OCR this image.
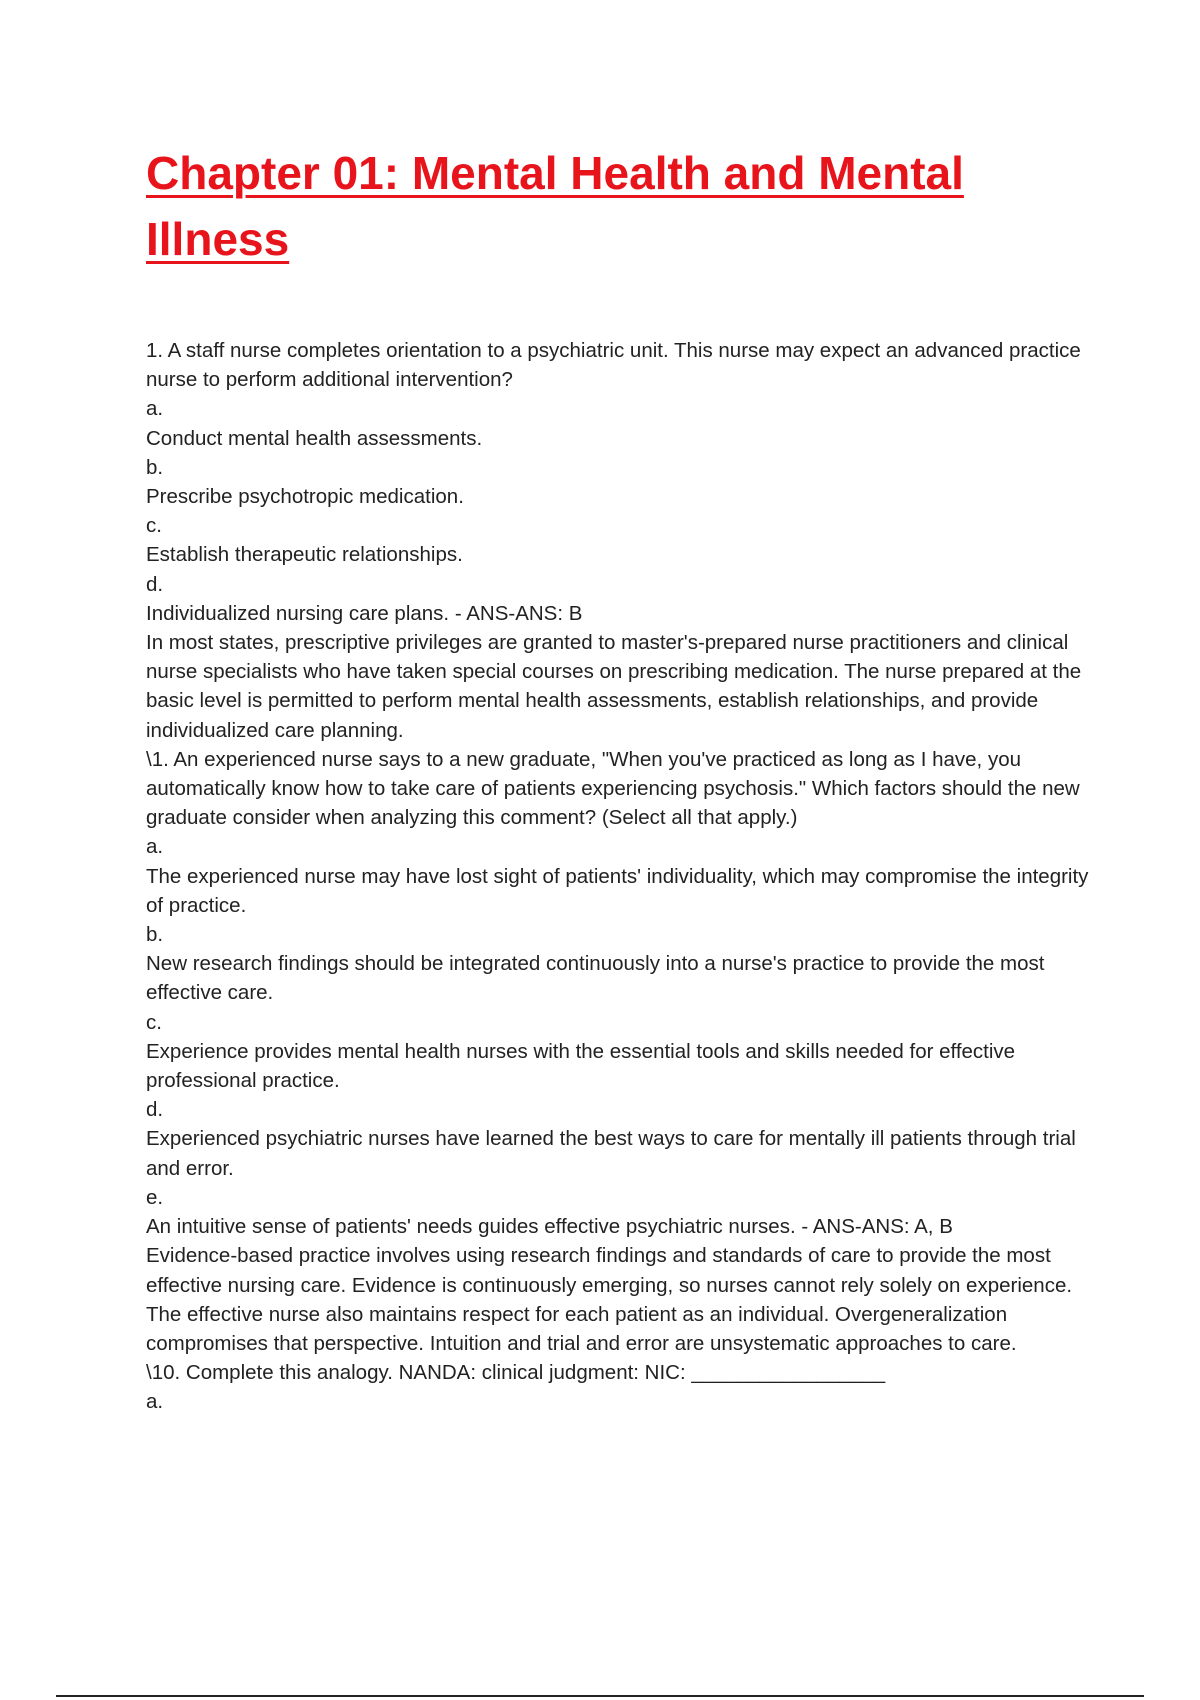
Chapter 01: Mental Health and Mental Illness

1. A staff nurse completes orientation to a psychiatric unit. This nurse may expect an advanced practice nurse to perform additional intervention?

a.

Conduct mental health assessments.

b.

Prescribe psychotropic medication.

c.

Establish therapeutic relationships.

d.

Individualized nursing care plans. - ANS-ANS: B

In most states, prescriptive privileges are granted to master's-prepared nurse practitioners and clinical nurse specialists who have taken special courses on prescribing medication. The nurse prepared at the basic level is permitted to perform mental health assessments, establish relationships, and provide individualized care planning.

\1. An experienced nurse says to a new graduate, "When you've practiced as long as I have, you automatically know how to take care of patients experiencing psychosis." Which factors should the new graduate consider when analyzing this comment? (Select all that apply.)

a.

The experienced nurse may have lost sight of patients' individuality, which may compromise the integrity of practice.

b.

New research findings should be integrated continuously into a nurse's practice to provide the most effective care.

c.

Experience provides mental health nurses with the essential tools and skills needed for effective professional practice.

d.

Experienced psychiatric nurses have learned the best ways to care for mentally ill patients through trial and error.

e.

An intuitive sense of patients' needs guides effective psychiatric nurses. - ANS-ANS: A, B

Evidence-based practice involves using research findings and standards of care to provide the most effective nursing care. Evidence is continuously emerging, so nurses cannot rely solely on experience. The effective nurse also maintains respect for each patient as an individual. Overgeneralization compromises that perspective. Intuition and trial and error are unsystematic approaches to care.

\10. Complete this analogy. NANDA: clinical judgment: NIC: _________________

a.
